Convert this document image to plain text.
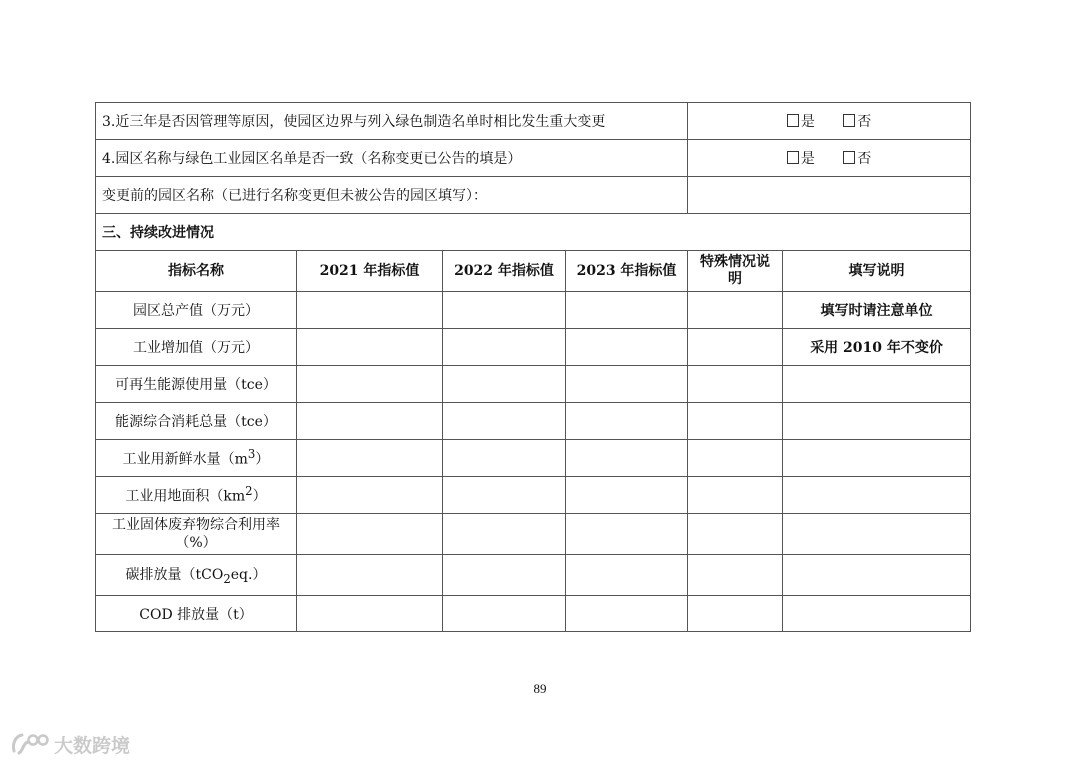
3.近三年是否因管理等原因，使园区边界与列入绿色制造名单时相比发生重大变更				是 否	
4.园区名称与绿色工业园区名单是否一致（名称变更已公告的填是）				是 否	
变更前的园区名称（已进行名称变更但未被公告的园区填写）：					
三、持续改进情况					
指标名称	2021 年指标值	2022 年指标值	2023 年指标值	特殊情况说明	填写说明
园区总产值（万元）					填写时请注意单位
工业增加值（万元）					采用 2010 年不变价
可再生能源使用量（tce）					
能源综合消耗总量（tce）					
工业用新鲜水量$(m^3)$					
工业用地面积$(km^2)$					
工业固体废弃物综合利用率（%）					
碳排放量（tCO$_2$eq.）					
COD 排放量（t）					
89
大数跨境
